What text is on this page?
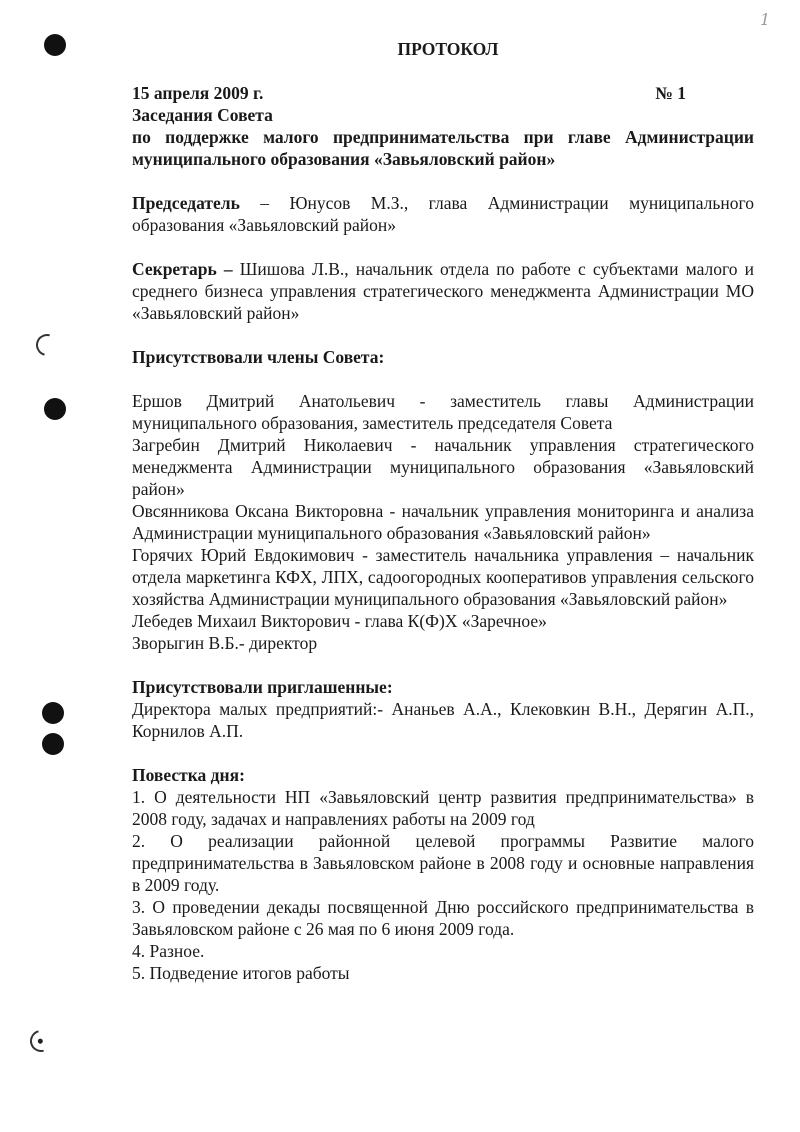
1
ПРОТОКОЛ
15 апреля 2009 г.	№ 1
Заседания Совета

по поддержке малого предпринимательства при главе Администрации муниципального образования «Завьяловский район»

Председатель – Юнусов М.З., глава Администрации муниципального образования «Завьяловский район»

Секретарь – Шишова Л.В., начальник отдела по работе с субъектами малого и среднего бизнеса управления стратегического менеджмента Администрации МО «Завьяловский район»

Присутствовали члены Совета:

Ершов Дмитрий Анатольевич - заместитель главы Администрации муниципального образования, заместитель председателя Совета

Загребин Дмитрий Николаевич - начальник управления стратегического менеджмента Администрации муниципального образования «Завьяловский район»

Овсянникова Оксана Викторовна - начальник управления мониторинга и анализа Администрации муниципального образования «Завьяловский район»

Горячих Юрий Евдокимович - заместитель начальника управления – начальник отдела маркетинга КФХ, ЛПХ, садоогородных кооперативов управления сельского хозяйства Администрации муниципального образования «Завьяловский район»

Лебедев Михаил Викторович - глава К(Ф)Х «Заречное»

Зворыгин В.Б.- директор

Присутствовали приглашенные:

Директора малых предприятий:- Ананьев А.А., Клековкин В.Н., Дерягин А.П., Корнилов А.П.

Повестка дня:

1. О деятельности НП «Завьяловский центр развития предпринимательства» в 2008 году, задачах и направлениях работы на 2009 год

2. О реализации районной целевой программы Развитие малого предпринимательства в Завьяловском районе в 2008 году и основные направления в 2009 году.

3. О проведении декады посвященной Дню российского предпринимательства в Завьяловском районе с 26 мая по 6 июня 2009 года.

4. Разное.

5. Подведение итогов работы
